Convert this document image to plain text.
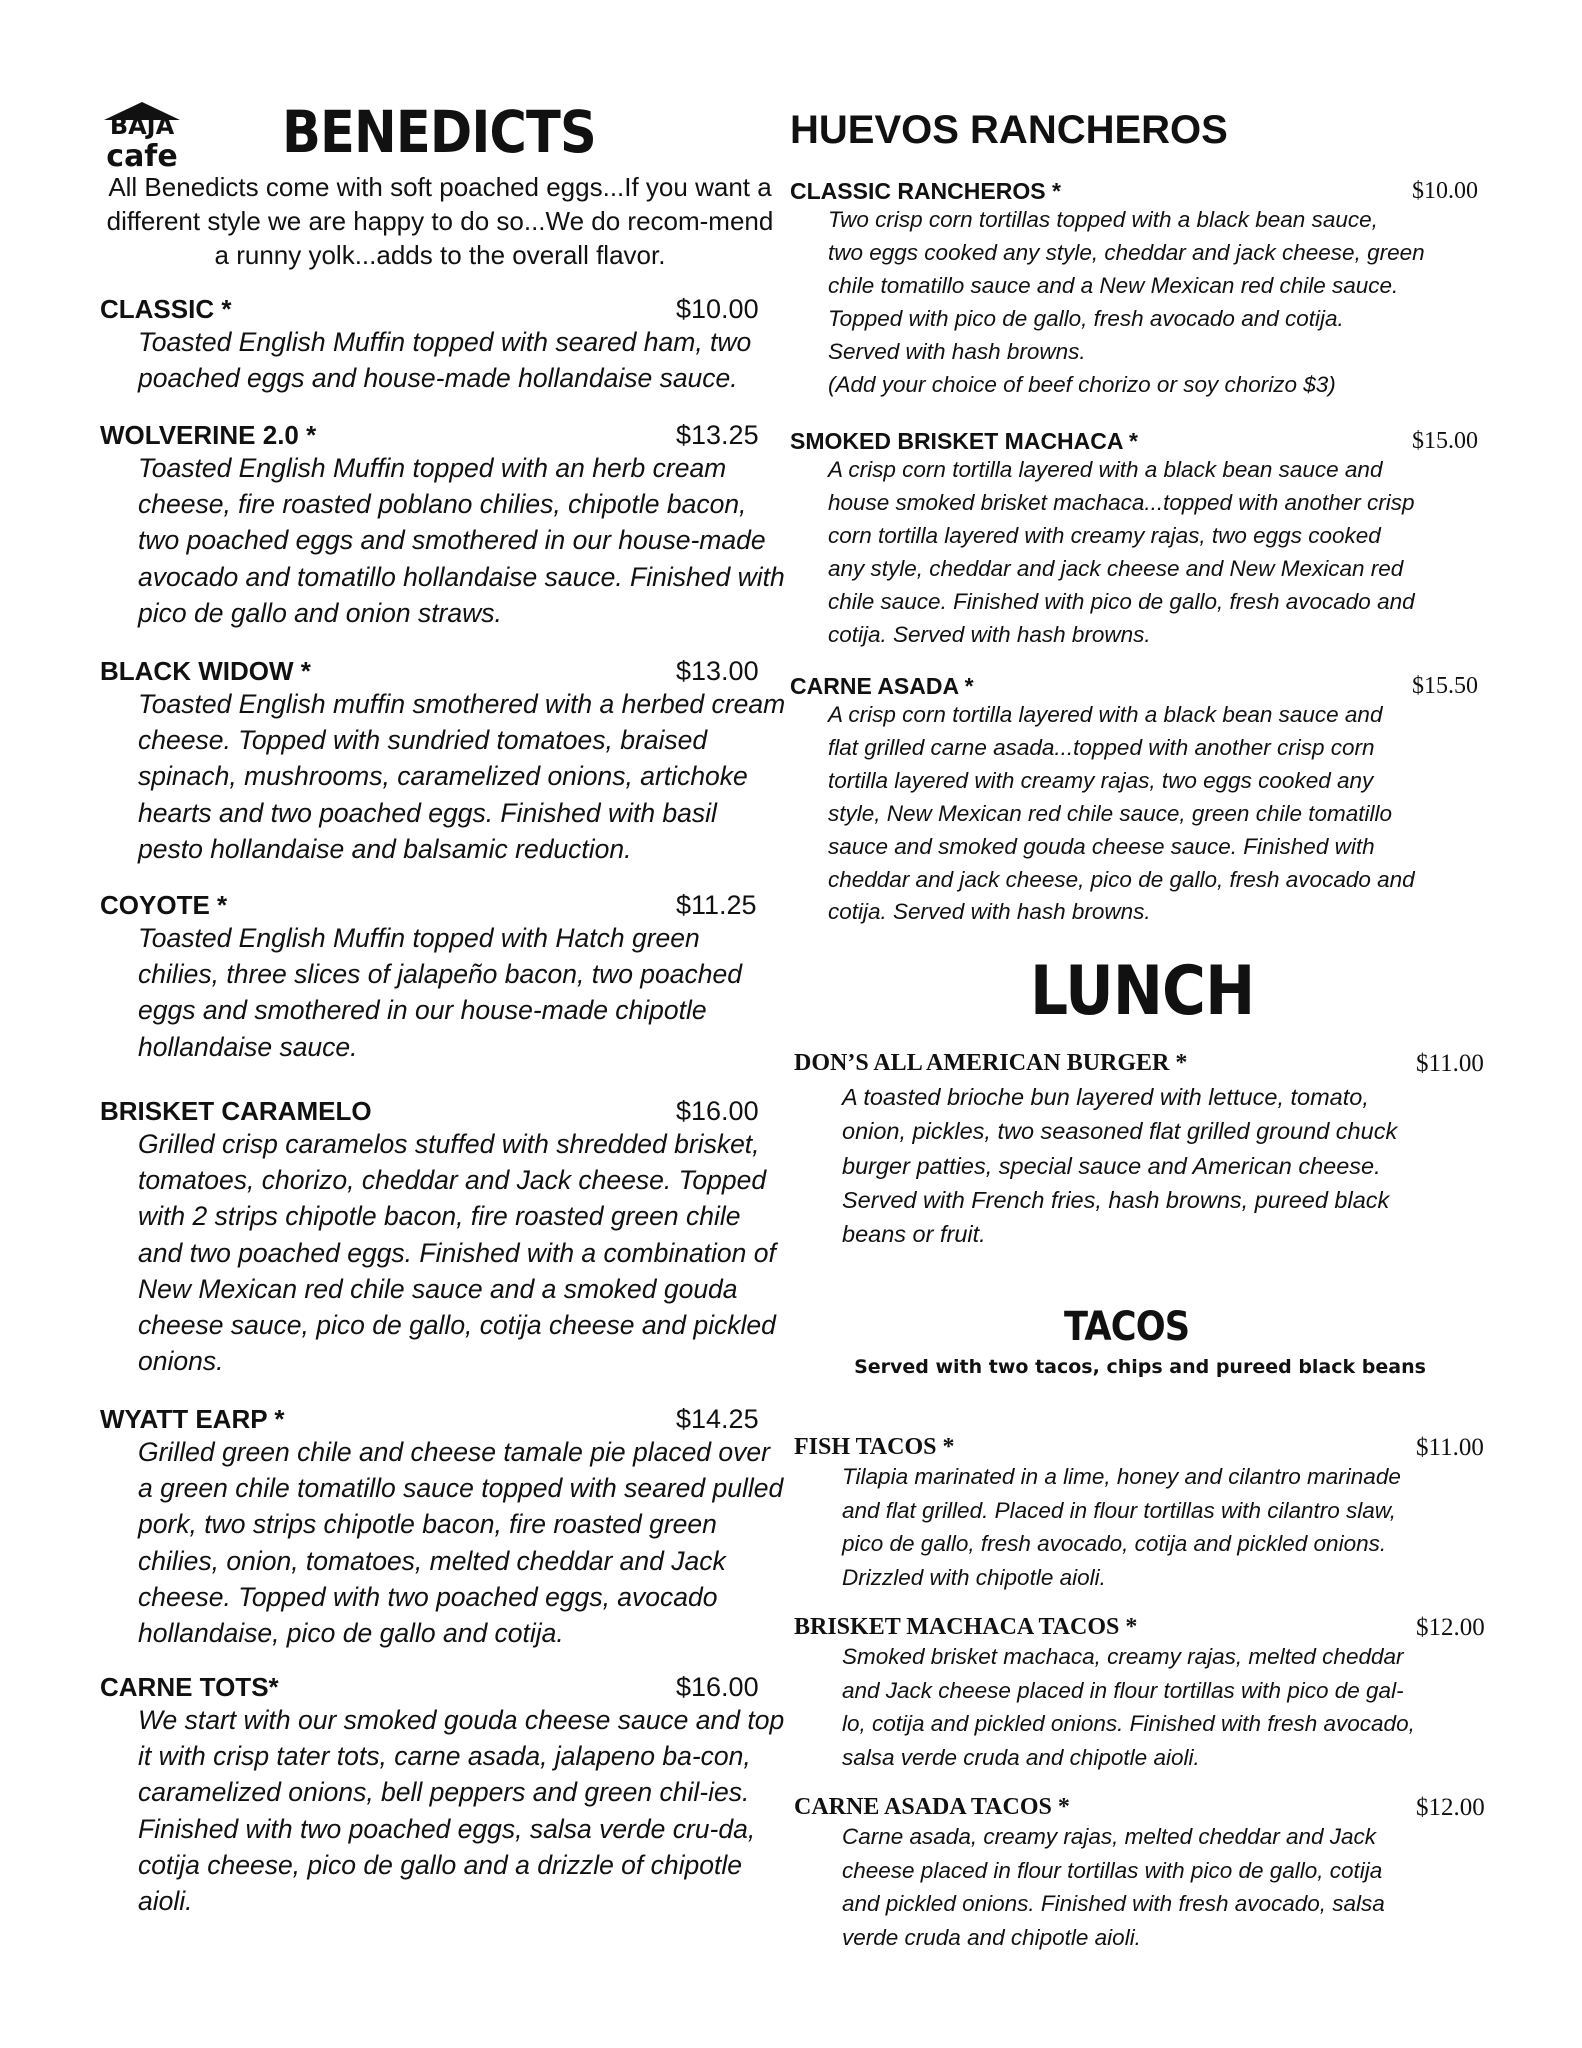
BAJA
cafe BENEDICTS
All Benedicts come with soft poached eggs...If you want a different style we are happy to do so...We do recom-mend a runny yolk...adds to the overall flavor.
CLASSIC *	$10.00
Toasted English Muffin topped with seared ham, two poached eggs and house-made hollandaise sauce.
WOLVERINE 2.0 *	$13.25
Toasted English Muffin topped with an herb cream cheese, fire roasted poblano chilies, chipotle bacon, two poached eggs and smothered in our house-made avocado and tomatillo hollandaise sauce. Finished with pico de gallo and onion straws.
BLACK WIDOW *	$13.00
Toasted English muffin smothered with a herbed cream cheese. Topped with sundried tomatoes, braised spinach, mushrooms, caramelized onions, artichoke hearts and two poached eggs. Finished with basil pesto hollandaise and balsamic reduction.
COYOTE *	$11.25
Toasted English Muffin topped with Hatch green chilies, three slices of jalapeño bacon, two poached eggs and smothered in our house-made chipotle hollandaise sauce.
BRISKET CARAMELO	$16.00
Grilled crisp caramelos stuffed with shredded brisket, tomatoes, chorizo, cheddar and Jack cheese. Topped with 2 strips chipotle bacon, fire roasted green chile and two poached eggs. Finished with a combination of New Mexican red chile sauce and a smoked gouda cheese sauce, pico de gallo, cotija cheese and pickled onions.
WYATT EARP *	$14.25
Grilled green chile and cheese tamale pie placed over a green chile tomatillo sauce topped with seared pulled pork, two strips chipotle bacon, fire roasted green chilies, onion, tomatoes, melted cheddar and Jack cheese. Topped with two poached eggs, avocado hollandaise, pico de gallo and cotija.
CARNE TOTS*	$16.00
We start with our smoked gouda cheese sauce and top it with crisp tater tots, carne asada, jalapeno ba-con, caramelized onions, bell peppers and green chil-ies. Finished with two poached eggs, salsa verde cru-da, cotija cheese, pico de gallo and a drizzle of chipotle aioli.
HUEVOS RANCHEROS
CLASSIC RANCHEROS *	$10.00
Two crisp corn tortillas topped with a black bean sauce,
two eggs cooked any style, cheddar and jack cheese, green
chile tomatillo sauce and a New Mexican red chile sauce.
Topped with pico de gallo, fresh avocado and cotija.
Served with hash browns.
(Add your choice of beef chorizo or soy chorizo $3)
SMOKED BRISKET MACHACA *	$15.00
A crisp corn tortilla layered with a black bean sauce and
house smoked brisket machaca...topped with another crisp
corn tortilla layered with creamy rajas, two eggs cooked
any style, cheddar and jack cheese and New Mexican red
chile sauce. Finished with pico de gallo, fresh avocado and
cotija. Served with hash browns.
CARNE ASADA *	$15.50
A crisp corn tortilla layered with a black bean sauce and
flat grilled carne asada...topped with another crisp corn
tortilla layered with creamy rajas, two eggs cooked any
style, New Mexican red chile sauce, green chile tomatillo
sauce and smoked gouda cheese sauce. Finished with
cheddar and jack cheese, pico de gallo, fresh avocado and
cotija. Served with hash browns.
LUNCH
DON’S ALL AMERICAN BURGER *	$11.00
A toasted brioche bun layered with lettuce, tomato,
onion, pickles, two seasoned flat grilled ground chuck
burger patties, special sauce and American cheese.
Served with French fries, hash browns, pureed black
beans or fruit.
TACOS
Served with two tacos, chips and pureed black beans
FISH TACOS *	$11.00
Tilapia marinated in a lime, honey and cilantro marinade
and flat grilled. Placed in flour tortillas with cilantro slaw,
pico de gallo, fresh avocado, cotija and pickled onions.
Drizzled with chipotle aioli.
BRISKET MACHACA TACOS *	$12.00
Smoked brisket machaca, creamy rajas, melted cheddar
and Jack cheese placed in flour tortillas with pico de gal-
lo, cotija and pickled onions. Finished with fresh avocado,
salsa verde cruda and chipotle aioli.
CARNE ASADA TACOS *	$12.00
Carne asada, creamy rajas, melted cheddar and Jack
cheese placed in flour tortillas with pico de gallo, cotija
and pickled onions. Finished with fresh avocado, salsa
verde cruda and chipotle aioli.
